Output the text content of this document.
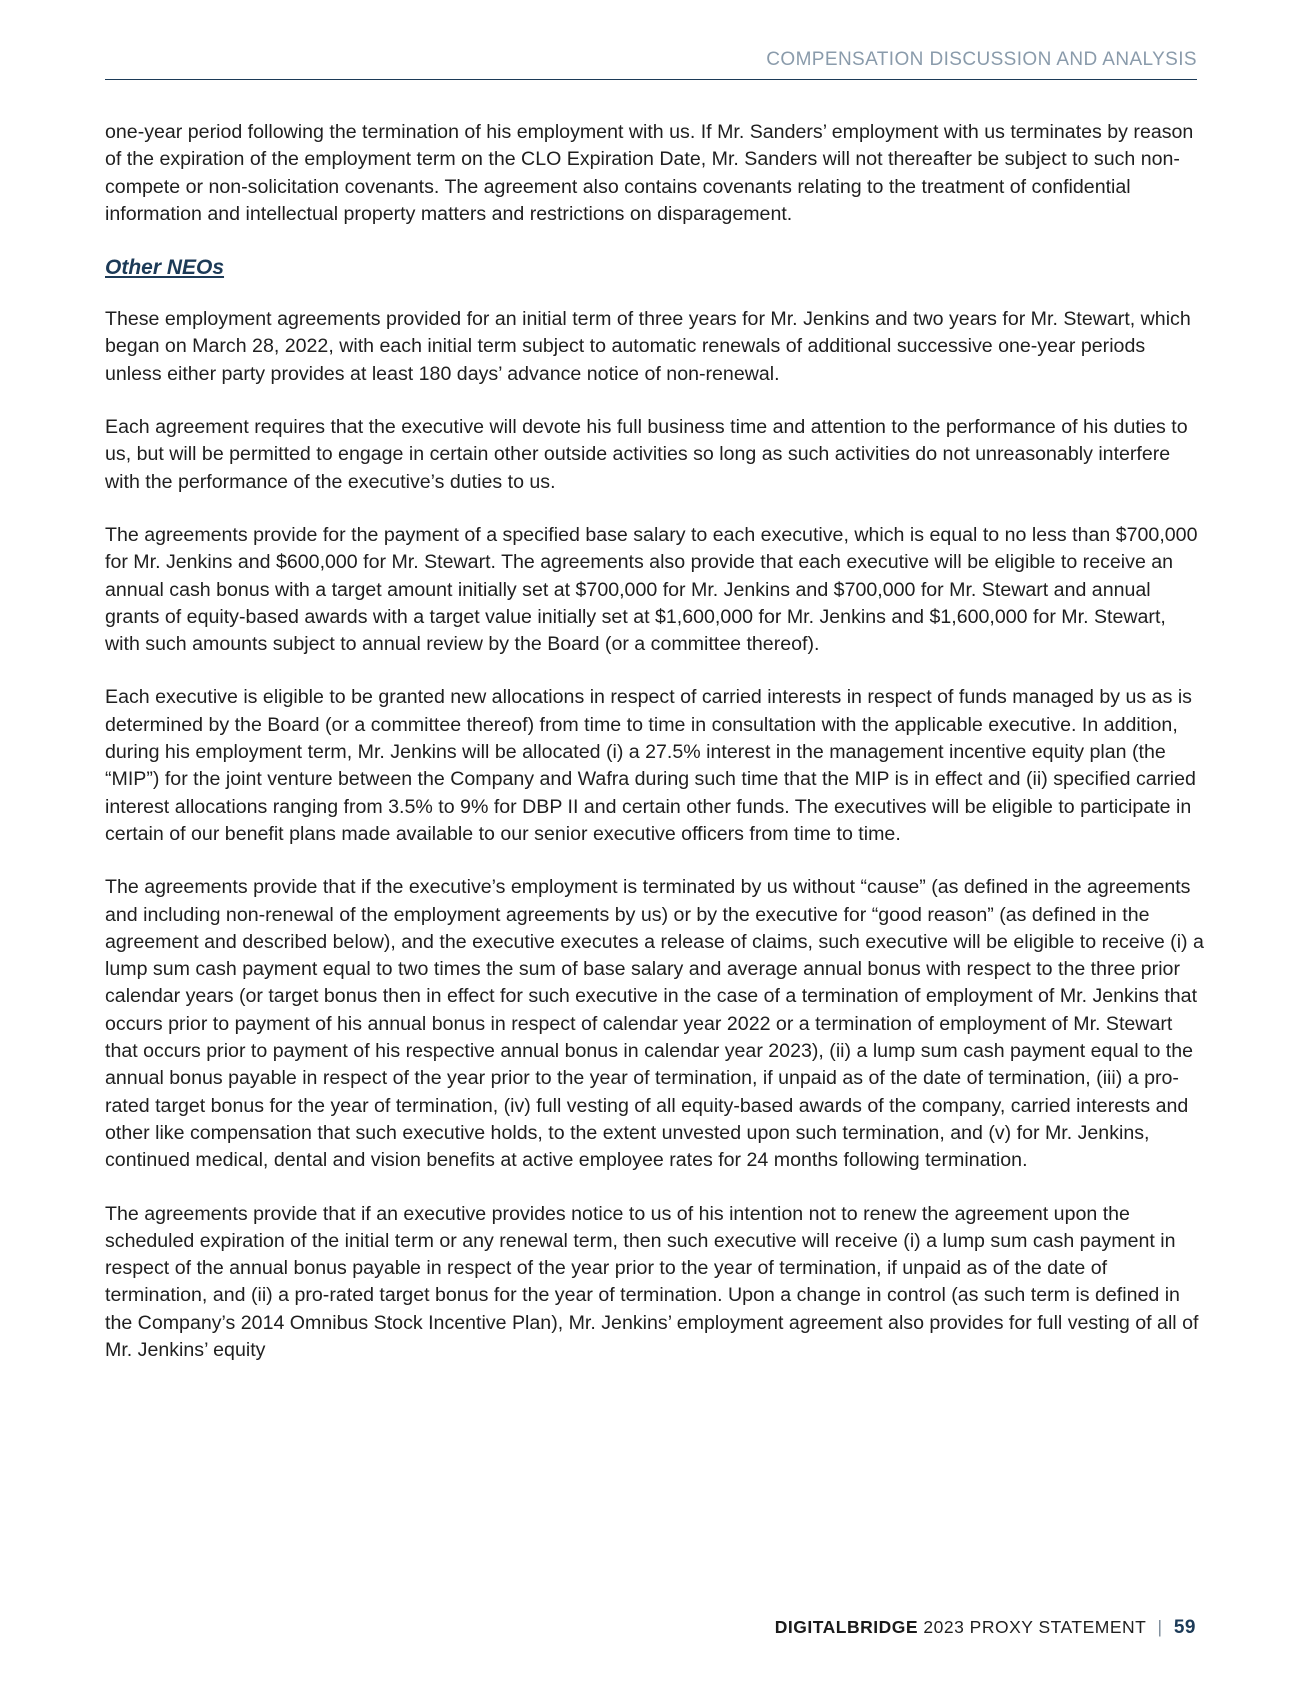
COMPENSATION DISCUSSION AND ANALYSIS

one-year period following the termination of his employment with us. If Mr. Sanders’ employment with us terminates by reason of the expiration of the employment term on the CLO Expiration Date, Mr. Sanders will not thereafter be subject to such non-compete or non-solicitation covenants. The agreement also contains covenants relating to the treatment of confidential information and intellectual property matters and restrictions on disparagement.

Other NEOs

These employment agreements provided for an initial term of three years for Mr. Jenkins and two years for Mr. Stewart, which began on March 28, 2022, with each initial term subject to automatic renewals of additional successive one-year periods unless either party provides at least 180 days’ advance notice of non-renewal.

Each agreement requires that the executive will devote his full business time and attention to the performance of his duties to us, but will be permitted to engage in certain other outside activities so long as such activities do not unreasonably interfere with the performance of the executive’s duties to us.

The agreements provide for the payment of a specified base salary to each executive, which is equal to no less than $700,000 for Mr. Jenkins and $600,000 for Mr. Stewart. The agreements also provide that each executive will be eligible to receive an annual cash bonus with a target amount initially set at $700,000 for Mr. Jenkins and $700,000 for Mr. Stewart and annual grants of equity-based awards with a target value initially set at $1,600,000 for Mr. Jenkins and $1,600,000 for Mr. Stewart, with such amounts subject to annual review by the Board (or a committee thereof).

Each executive is eligible to be granted new allocations in respect of carried interests in respect of funds managed by us as is determined by the Board (or a committee thereof) from time to time in consultation with the applicable executive. In addition, during his employment term, Mr. Jenkins will be allocated (i) a 27.5% interest in the management incentive equity plan (the “MIP”) for the joint venture between the Company and Wafra during such time that the MIP is in effect and (ii) specified carried interest allocations ranging from 3.5% to 9% for DBP II and certain other funds. The executives will be eligible to participate in certain of our benefit plans made available to our senior executive officers from time to time.

The agreements provide that if the executive’s employment is terminated by us without “cause” (as defined in the agreements and including non-renewal of the employment agreements by us) or by the executive for “good reason” (as defined in the agreement and described below), and the executive executes a release of claims, such executive will be eligible to receive (i) a lump sum cash payment equal to two times the sum of base salary and average annual bonus with respect to the three prior calendar years (or target bonus then in effect for such executive in the case of a termination of employment of Mr. Jenkins that occurs prior to payment of his annual bonus in respect of calendar year 2022 or a termination of employment of Mr. Stewart that occurs prior to payment of his respective annual bonus in calendar year 2023), (ii) a lump sum cash payment equal to the annual bonus payable in respect of the year prior to the year of termination, if unpaid as of the date of termination, (iii) a pro-rated target bonus for the year of termination, (iv) full vesting of all equity-based awards of the company, carried interests and other like compensation that such executive holds, to the extent unvested upon such termination, and (v) for Mr. Jenkins, continued medical, dental and vision benefits at active employee rates for 24 months following termination.

The agreements provide that if an executive provides notice to us of his intention not to renew the agreement upon the scheduled expiration of the initial term or any renewal term, then such executive will receive (i) a lump sum cash payment in respect of the annual bonus payable in respect of the year prior to the year of termination, if unpaid as of the date of termination, and (ii) a pro-rated target bonus for the year of termination. Upon a change in control (as such term is defined in the Company’s 2014 Omnibus Stock Incentive Plan), Mr. Jenkins’ employment agreement also provides for full vesting of all of Mr. Jenkins’ equity

DIGITALBRIDGE 2023 PROXY STATEMENT | 59
